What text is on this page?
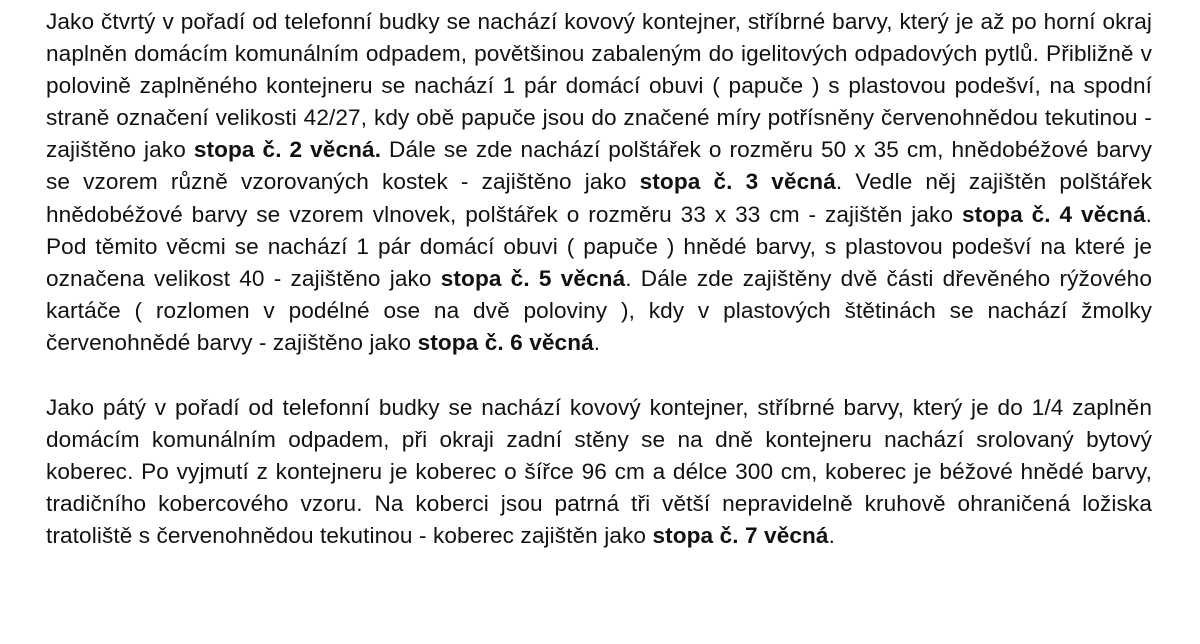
Jako čtvrtý v pořadí od telefonní budky se nachází kovový kontejner, stříbrné barvy, který je až po horní okraj naplněn domácím komunálním odpadem, povětšinou zabaleným do igelitových odpadových pytlů. Přibližně v polovině zaplněného kontejneru se nachází 1 pár domácí obuvi ( papuče ) s plastovou podešví, na spodní straně označení velikosti 42/27, kdy obě papuče jsou do značené míry potřísněny červenohnědou tekutinou - zajištěno jako stopa č. 2 věcná. Dále se zde nachází polštářek o rozměru 50 x 35 cm, hnědobéžové barvy se vzorem různě vzorovaných kostek - zajištěno jako stopa č. 3 věcná. Vedle něj zajištěn polštářek hnědobéžové barvy se vzorem vlnovek, polštářek o rozměru 33 x 33 cm - zajištěn jako stopa č. 4 věcná. Pod těmito věcmi se nachází 1 pár domácí obuvi ( papuče ) hnědé barvy, s plastovou podešví na které je označena velikost 40 - zajištěno jako stopa č. 5 věcná. Dále zde zajištěny dvě části dřevěného rýžového kartáče ( rozlomen v podélné ose na dvě poloviny ), kdy v plastových štětinách se nachází žmolky červenohnědé barvy - zajištěno jako stopa č. 6 věcná.

Jako pátý v pořadí od telefonní budky se nachází kovový kontejner, stříbrné barvy, který je do 1/4 zaplněn domácím komunálním odpadem, při okraji zadní stěny se na dně kontejneru nachází srolovaný bytový koberec. Po vyjmutí z kontejneru je koberec o šířce 96 cm a délce 300 cm, koberec je béžové hnědé barvy, tradičního kobercového vzoru. Na koberci jsou patrná tři větší nepravidelně kruhově ohraničená ložiska tratoliště s červenohnědou tekutinou - koberec zajištěn jako stopa č. 7 věcná.
